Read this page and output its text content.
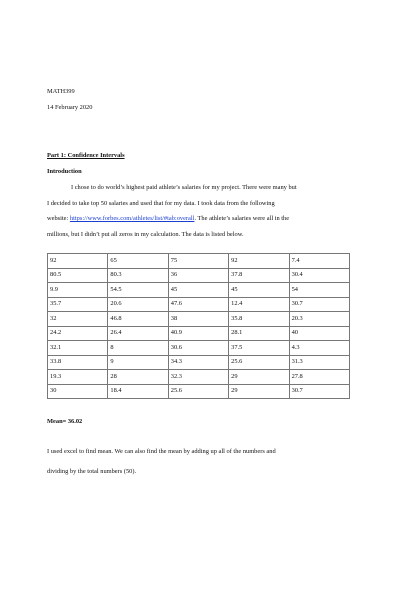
MATH399
14 February 2020
Part 1: Confidence Intervals
Introduction
I chose to do world’s highest paid athlete’s salaries for my project. There were many but
I decided to take top 50 salaries and used that for my data. I took data from the following
website: https://www.forbes.com/athletes/list/#tab:overall. The athlete’s salaries were all in the
millions, but I didn’t put all zeros in my calculation. The data is listed below.
92	65	75	92	7.4
80.5	80.3	36	37.8	30.4
9.9	54.5	45	45	54
35.7	20.6	47.6	12.4	30.7
32	46.8	38	35.8	20.3
24.2	26.4	40.9	28.1	40
32.1	8	30.6	37.5	4.3
33.8	9	34.3	25.6	31.3
19.3	28	32.3	29	27.8
30	18.4	25.6	29	30.7
Mean= 36.02
I used excel to find mean. We can also find the mean by adding up all of the numbers and
dividing by the total numbers (50).
